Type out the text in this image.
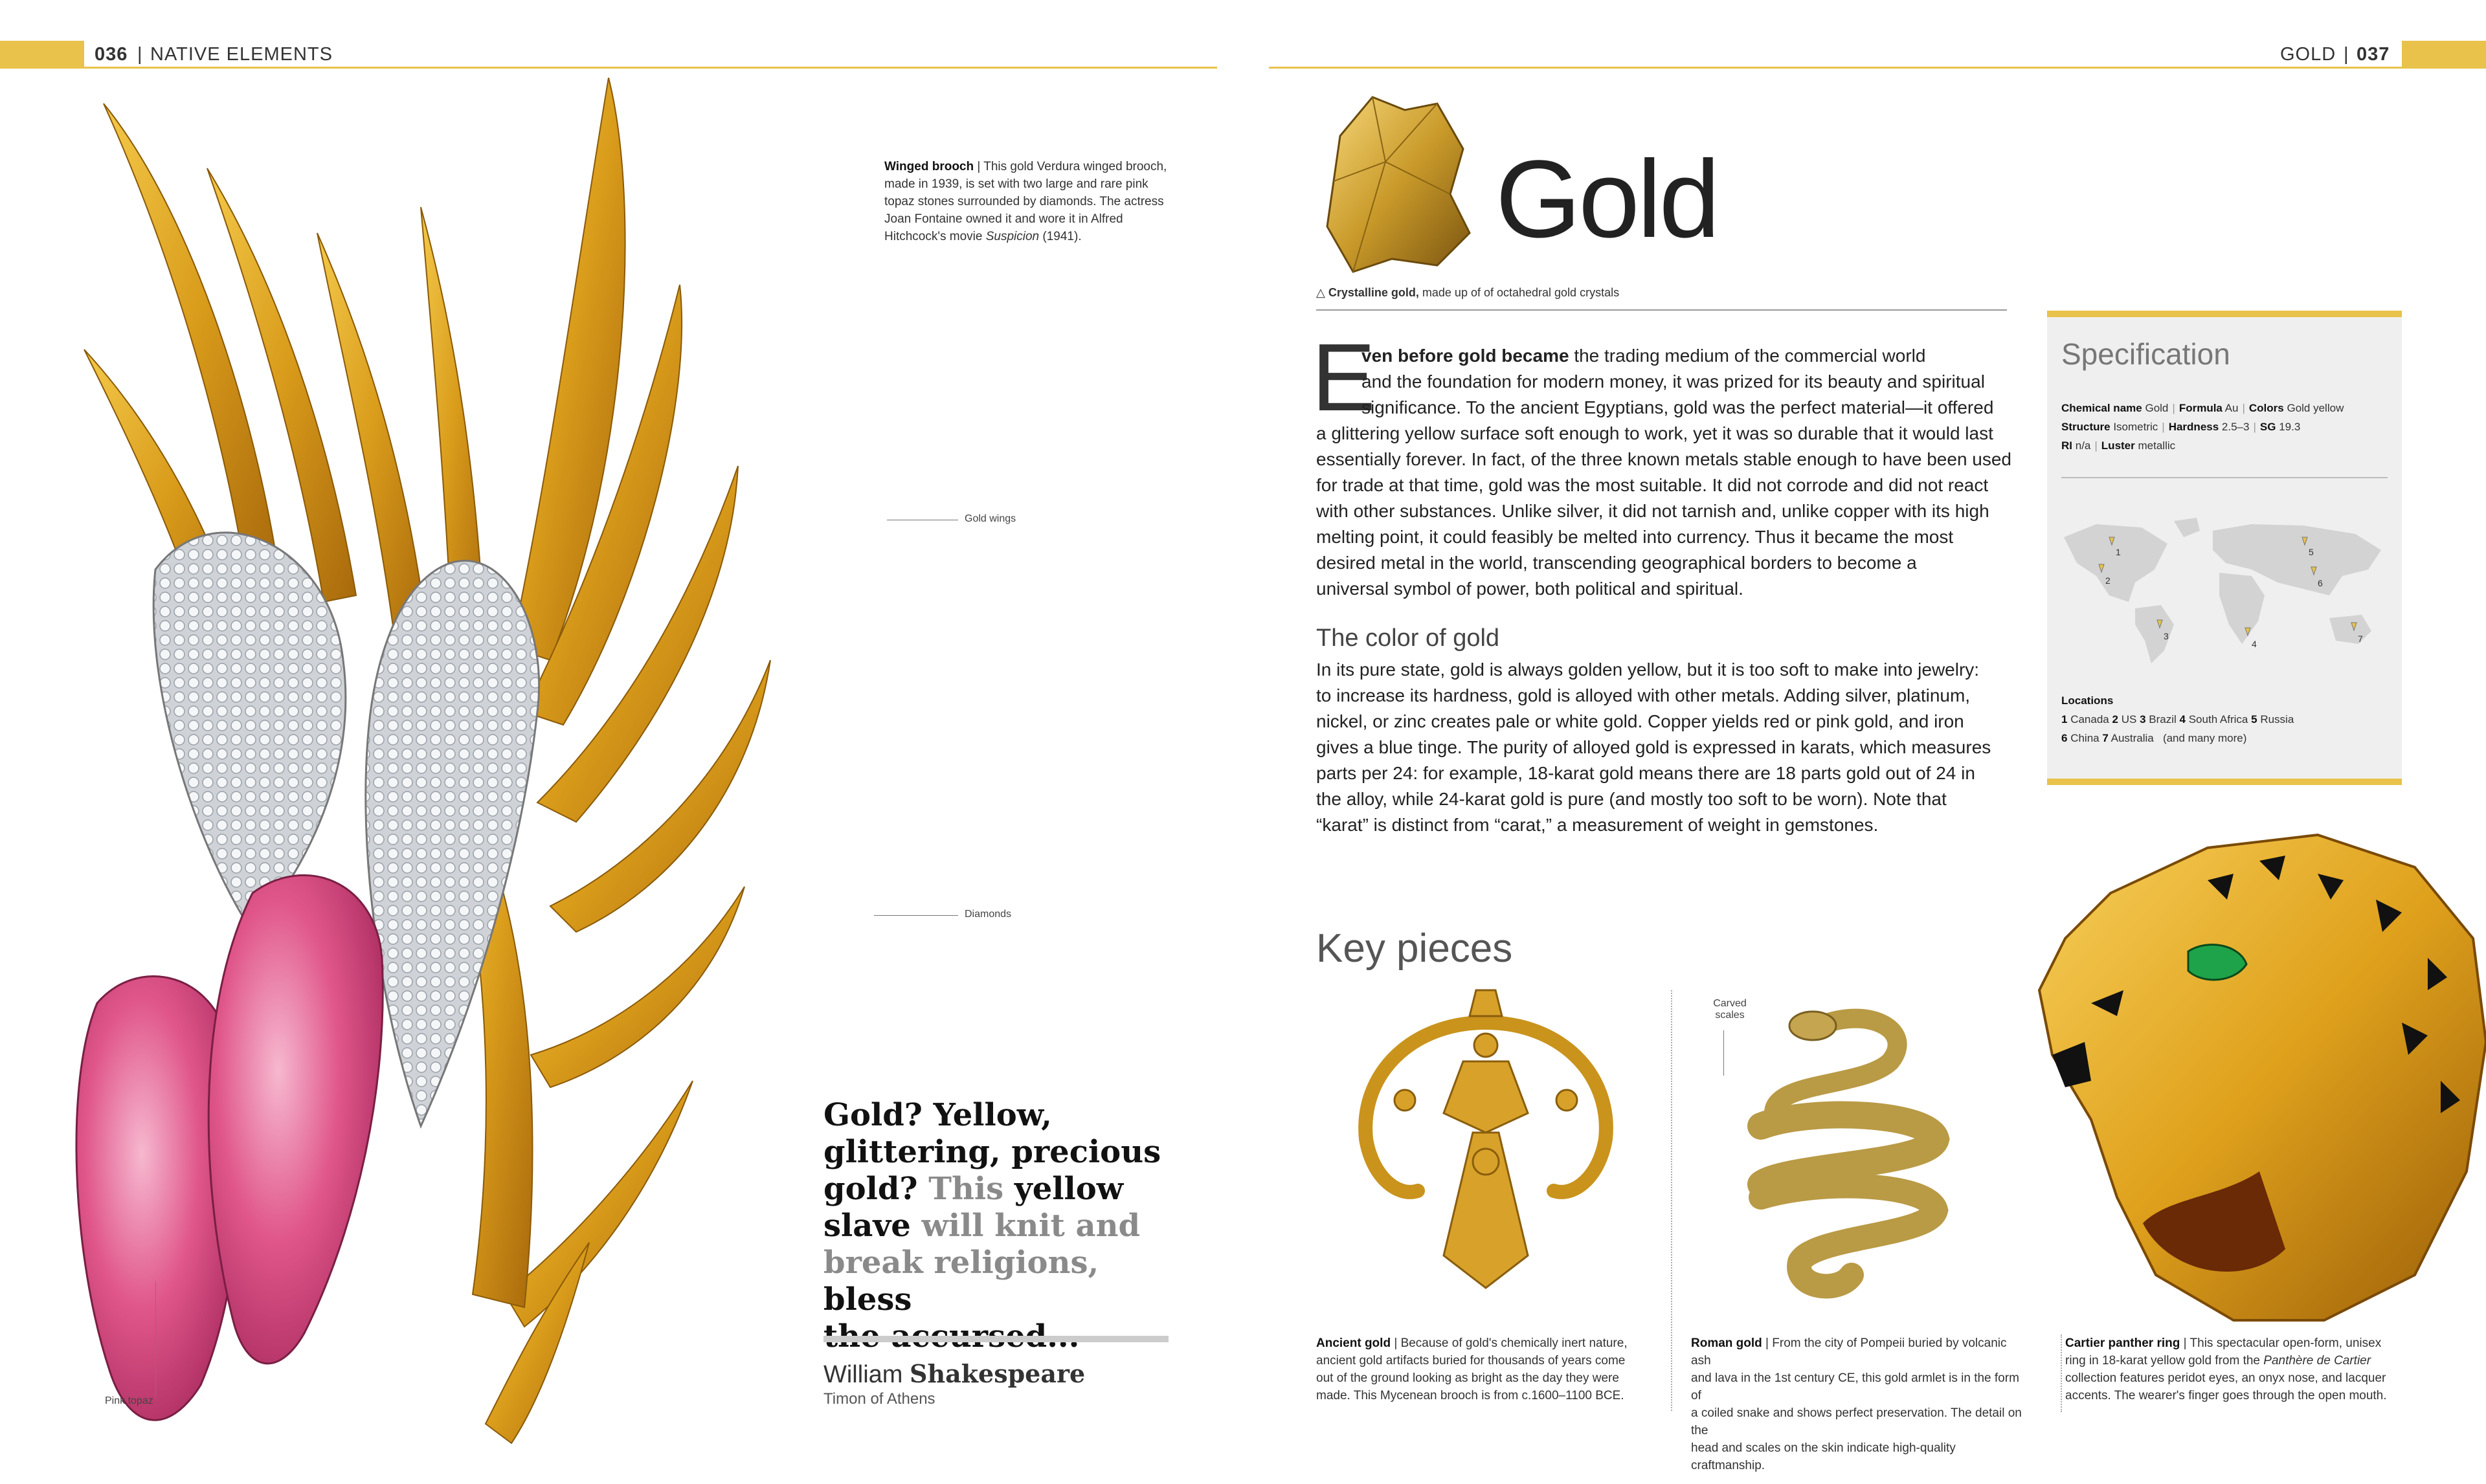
036 | NATIVE ELEMENTS	GOLD | 037
Winged brooch | This gold Verdura winged brooch, made in 1939, is set with two large and rare pink topaz stones surrounded by diamonds. The actress Joan Fontaine owned it and wore it in Alfred Hitchcock's movie Suspicion (1941).
Gold wings
Diamonds
Pink topaz
Gold? Yellow,
glittering, precious
gold? This yellow
slave will knit and
break religions, bless
William Shakespeare
Timon of Athens
Gold
△ Crystalline gold, made up of of octahedral gold crystals
E
ven before gold became the trading medium of the commercial world
and the foundation for modern money, it was prized for its beauty and spiritual
significance. To the ancient Egyptians, gold was the perfect material—it offered
a glittering yellow surface soft enough to work, yet it was so durable that it would last
essentially forever. In fact, of the three known metals stable enough to have been used
for trade at that time, gold was the most suitable. It did not corrode and did not react
with other substances. Unlike silver, it did not tarnish and, unlike copper with its high
melting point, it could feasibly be melted into currency. Thus it became the most
desired metal in the world, transcending geographical borders to become a
universal symbol of power, both political and spiritual.
The color of gold
In its pure state, gold is always golden yellow, but it is too soft to make into jewelry:
to increase its hardness, gold is alloyed with other metals. Adding silver, platinum,
nickel, or zinc creates pale or white gold. Copper yields red or pink gold, and iron
gives a blue tinge. The purity of alloyed gold is expressed in karats, which measures
parts per 24: for example, 18-karat gold means there are 18 parts gold out of 24 in
the alloy, while 24-karat gold is pure (and mostly too soft to be worn). Note that
“karat” is distinct from “carat,” a measurement of weight in gemstones.
Specification
Chemical name Gold | Formula Au | Colors Gold yellow
Structure Isometric | Hardness 2.5–3 | SG 19.3
RI n/a | Luster metallic
1
2
3
4
5
6
7
Locations
1 Canada 2 US 3 Brazil 4 South Africa 5 Russia
6 China 7 Australia (and many more)
Key pieces
Carved
scales
Ancient gold | Because of gold's chemically inert nature,
ancient gold artifacts buried for thousands of years come
out of the ground looking as bright as the day they were
made. This Mycenean brooch is from c.1600–1100 BCE.
Roman gold | From the city of Pompeii buried by volcanic ash
and lava in the 1st century CE, this gold armlet is in the form of
a coiled snake and shows perfect preservation. The detail on the
head and scales on the skin indicate high-quality craftmanship.
Cartier panther ring | This spectacular open-form, unisex
ring in 18-karat yellow gold from the Panthère de Cartier
collection features peridot eyes, an onyx nose, and lacquer
accents. The wearer's finger goes through the open mouth.
